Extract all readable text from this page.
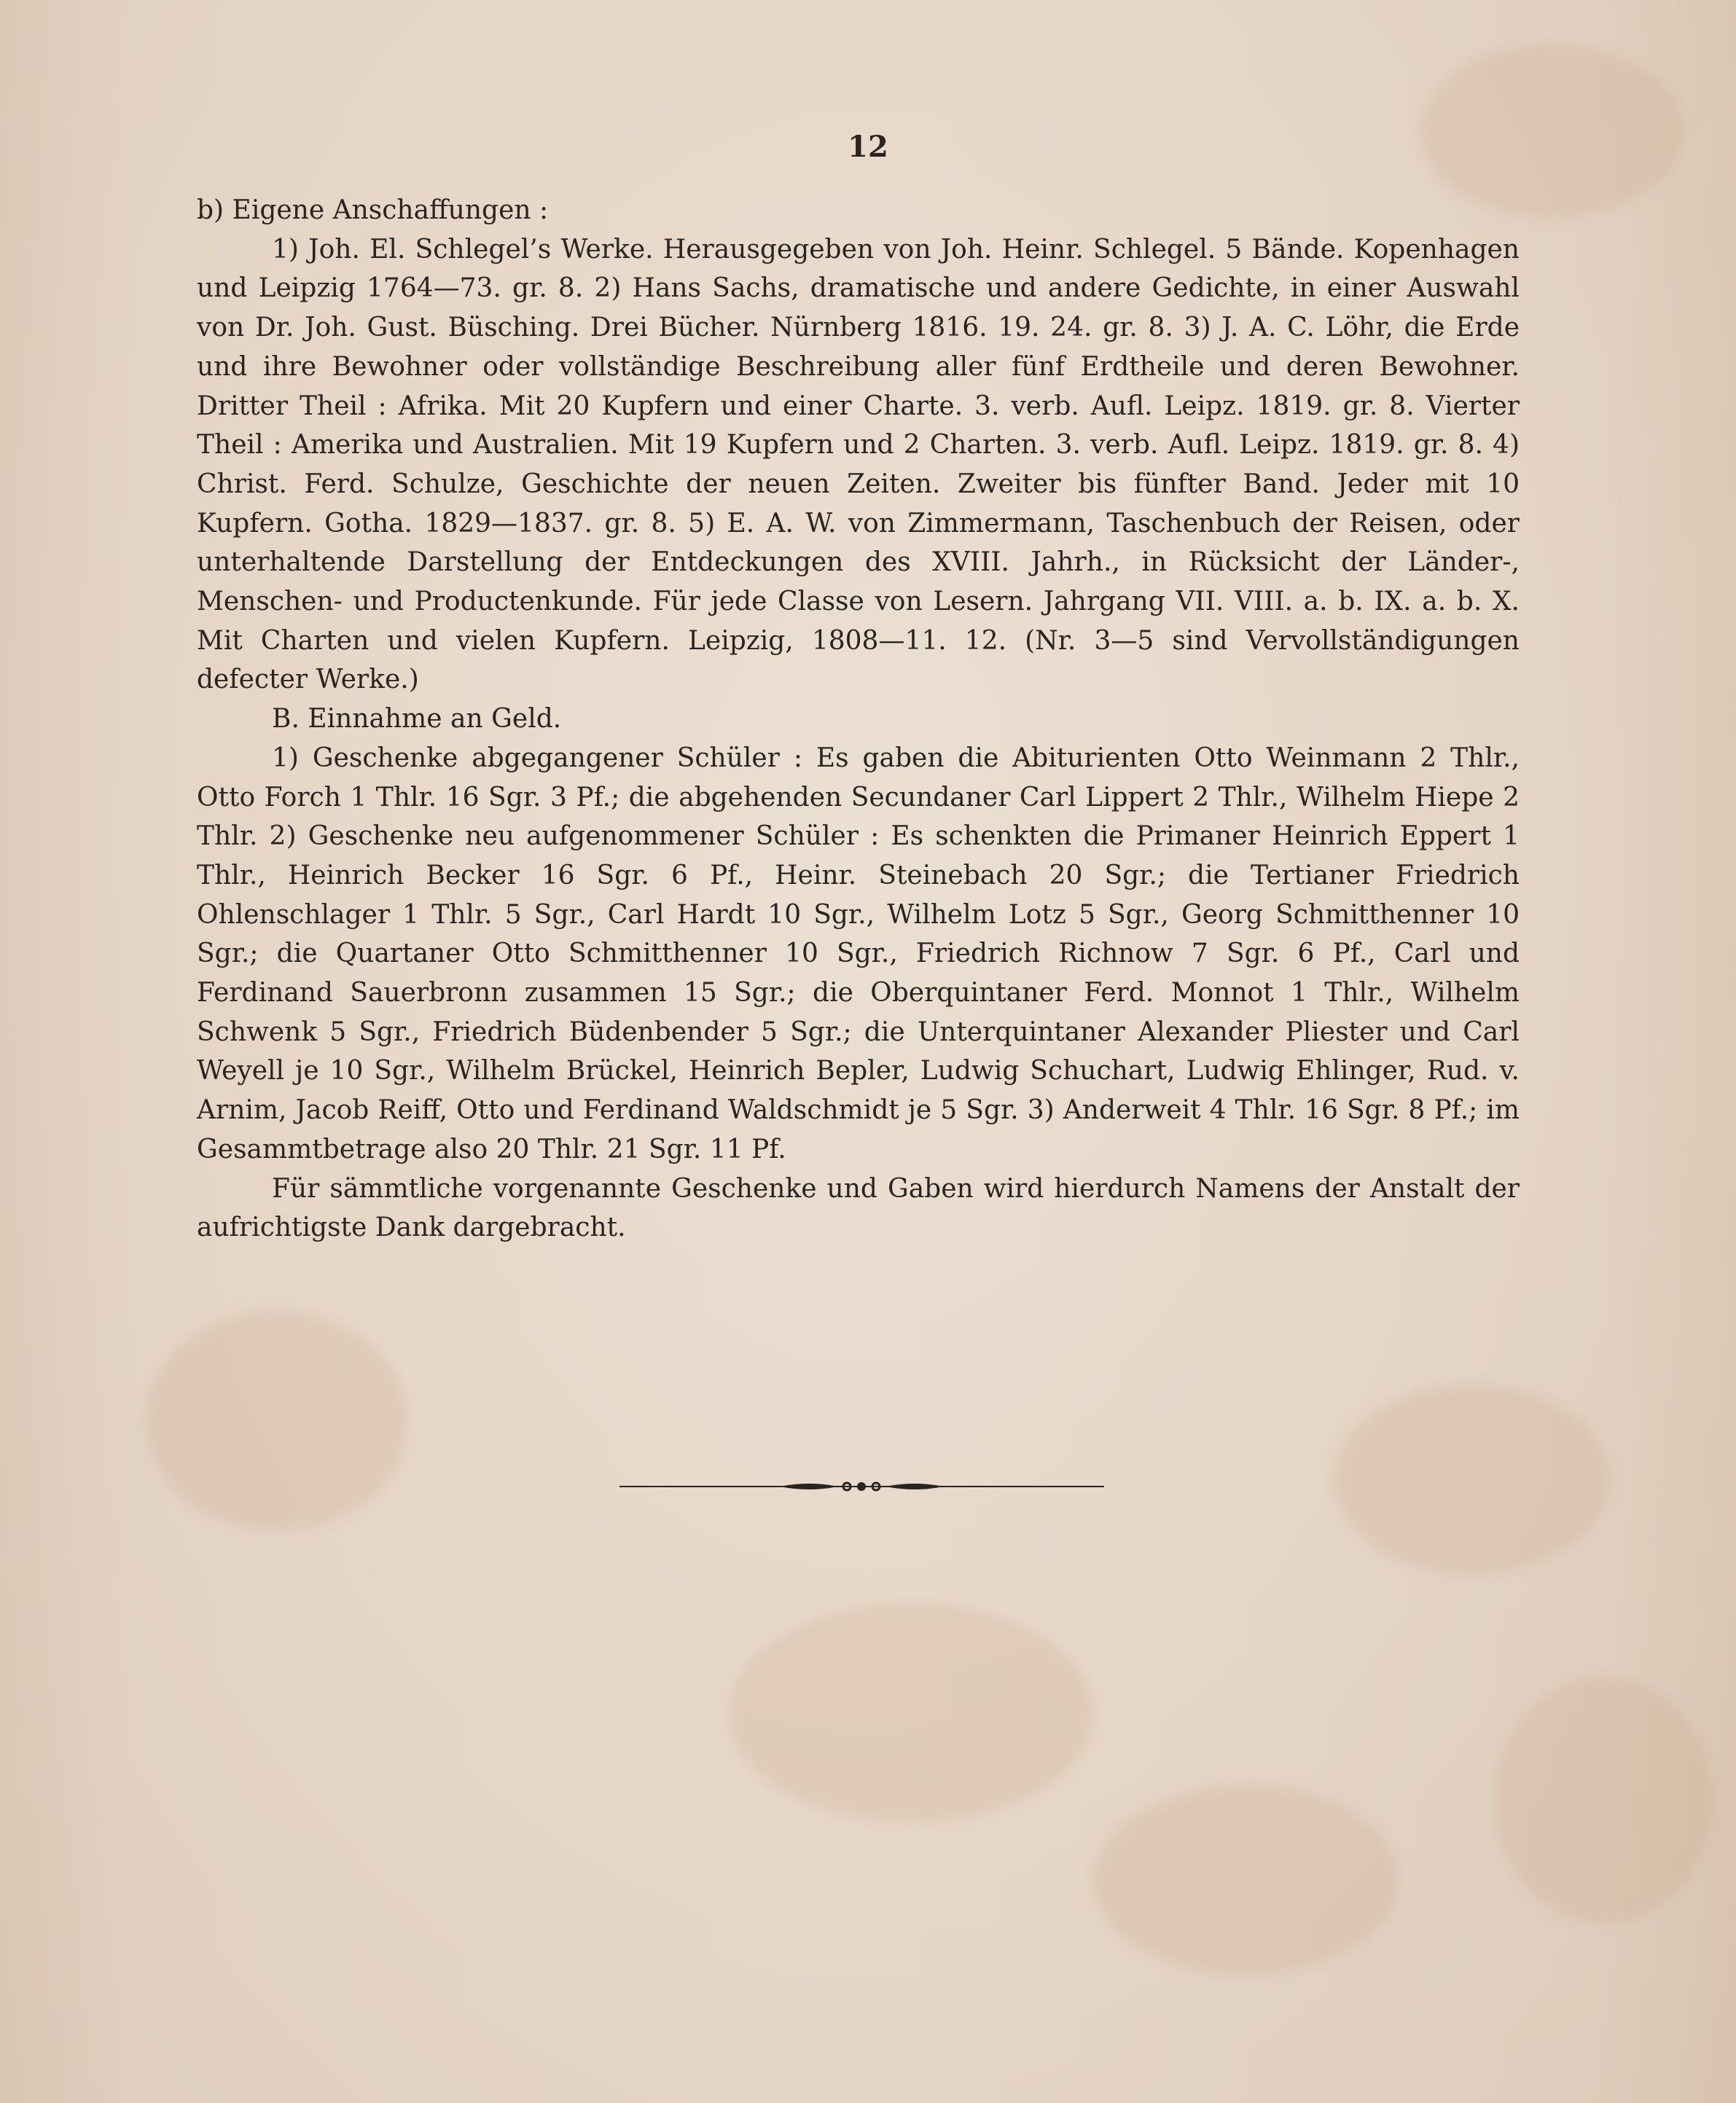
12

b) Eigene Anschaffungen :

1) Joh. El. Schlegel’s Werke. Herausgegeben von Joh. Heinr. Schlegel. 5 Bände. Kopenhagen und Leipzig 1764—73. gr. 8. 2) Hans Sachs, dramatische und andere Gedichte, in einer Auswahl von Dr. Joh. Gust. Büsching. Drei Bücher. Nürnberg 1816. 19. 24. gr. 8. 3) J. A. C. Löhr, die Erde und ihre Bewohner oder vollständige Beschreibung aller fünf Erdtheile und deren Bewohner. Dritter Theil : Afrika. Mit 20 Kupfern und einer Charte. 3. verb. Aufl. Leipz. 1819. gr. 8. Vierter Theil : Amerika und Australien. Mit 19 Kupfern und 2 Charten. 3. verb. Aufl. Leipz. 1819. gr. 8. 4) Christ. Ferd. Schulze, Geschichte der neuen Zeiten. Zweiter bis fünfter Band. Jeder mit 10 Kupfern. Gotha. 1829—1837. gr. 8. 5) E. A. W. von Zimmermann, Taschenbuch der Reisen, oder unterhaltende Darstellung der Entdeckungen des XVIII. Jahrh., in Rücksicht der Länder-, Menschen- und Productenkunde. Für jede Classe von Lesern. Jahrgang VII. VIII. a. b. IX. a. b. X. Mit Charten und vielen Kupfern. Leipzig, 1808—11. 12. (Nr. 3—5 sind Vervollständigungen defecter Werke.)

B. Einnahme an Geld.

1) Geschenke abgegangener Schüler : Es gaben die Abiturienten Otto Weinmann 2 Thlr., Otto Forch 1 Thlr. 16 Sgr. 3 Pf.; die abgehenden Secundaner Carl Lippert 2 Thlr., Wilhelm Hiepe 2 Thlr. 2) Geschenke neu aufgenommener Schüler : Es schenkten die Primaner Heinrich Eppert 1 Thlr., Heinrich Becker 16 Sgr. 6 Pf., Heinr. Steinebach 20 Sgr.; die Tertianer Friedrich Ohlenschlager 1 Thlr. 5 Sgr., Carl Hardt 10 Sgr., Wilhelm Lotz 5 Sgr., Georg Schmitthenner 10 Sgr.; die Quartaner Otto Schmitthenner 10 Sgr., Friedrich Richnow 7 Sgr. 6 Pf., Carl und Ferdinand Sauerbronn zusammen 15 Sgr.; die Oberquintaner Ferd. Monnot 1 Thlr., Wilhelm Schwenk 5 Sgr., Friedrich Büdenbender 5 Sgr.; die Unterquintaner Alexander Pliester und Carl Weyell je 10 Sgr., Wilhelm Brückel, Heinrich Bepler, Ludwig Schuchart, Ludwig Ehlinger, Rud. v. Arnim, Jacob Reiff, Otto und Ferdinand Waldschmidt je 5 Sgr. 3) Anderweit 4 Thlr. 16 Sgr. 8 Pf.; im Gesammtbetrage also 20 Thlr. 21 Sgr. 11 Pf.

Für sämmtliche vorgenannte Geschenke und Gaben wird hierdurch Namens der Anstalt der aufrichtigste Dank dargebracht.
